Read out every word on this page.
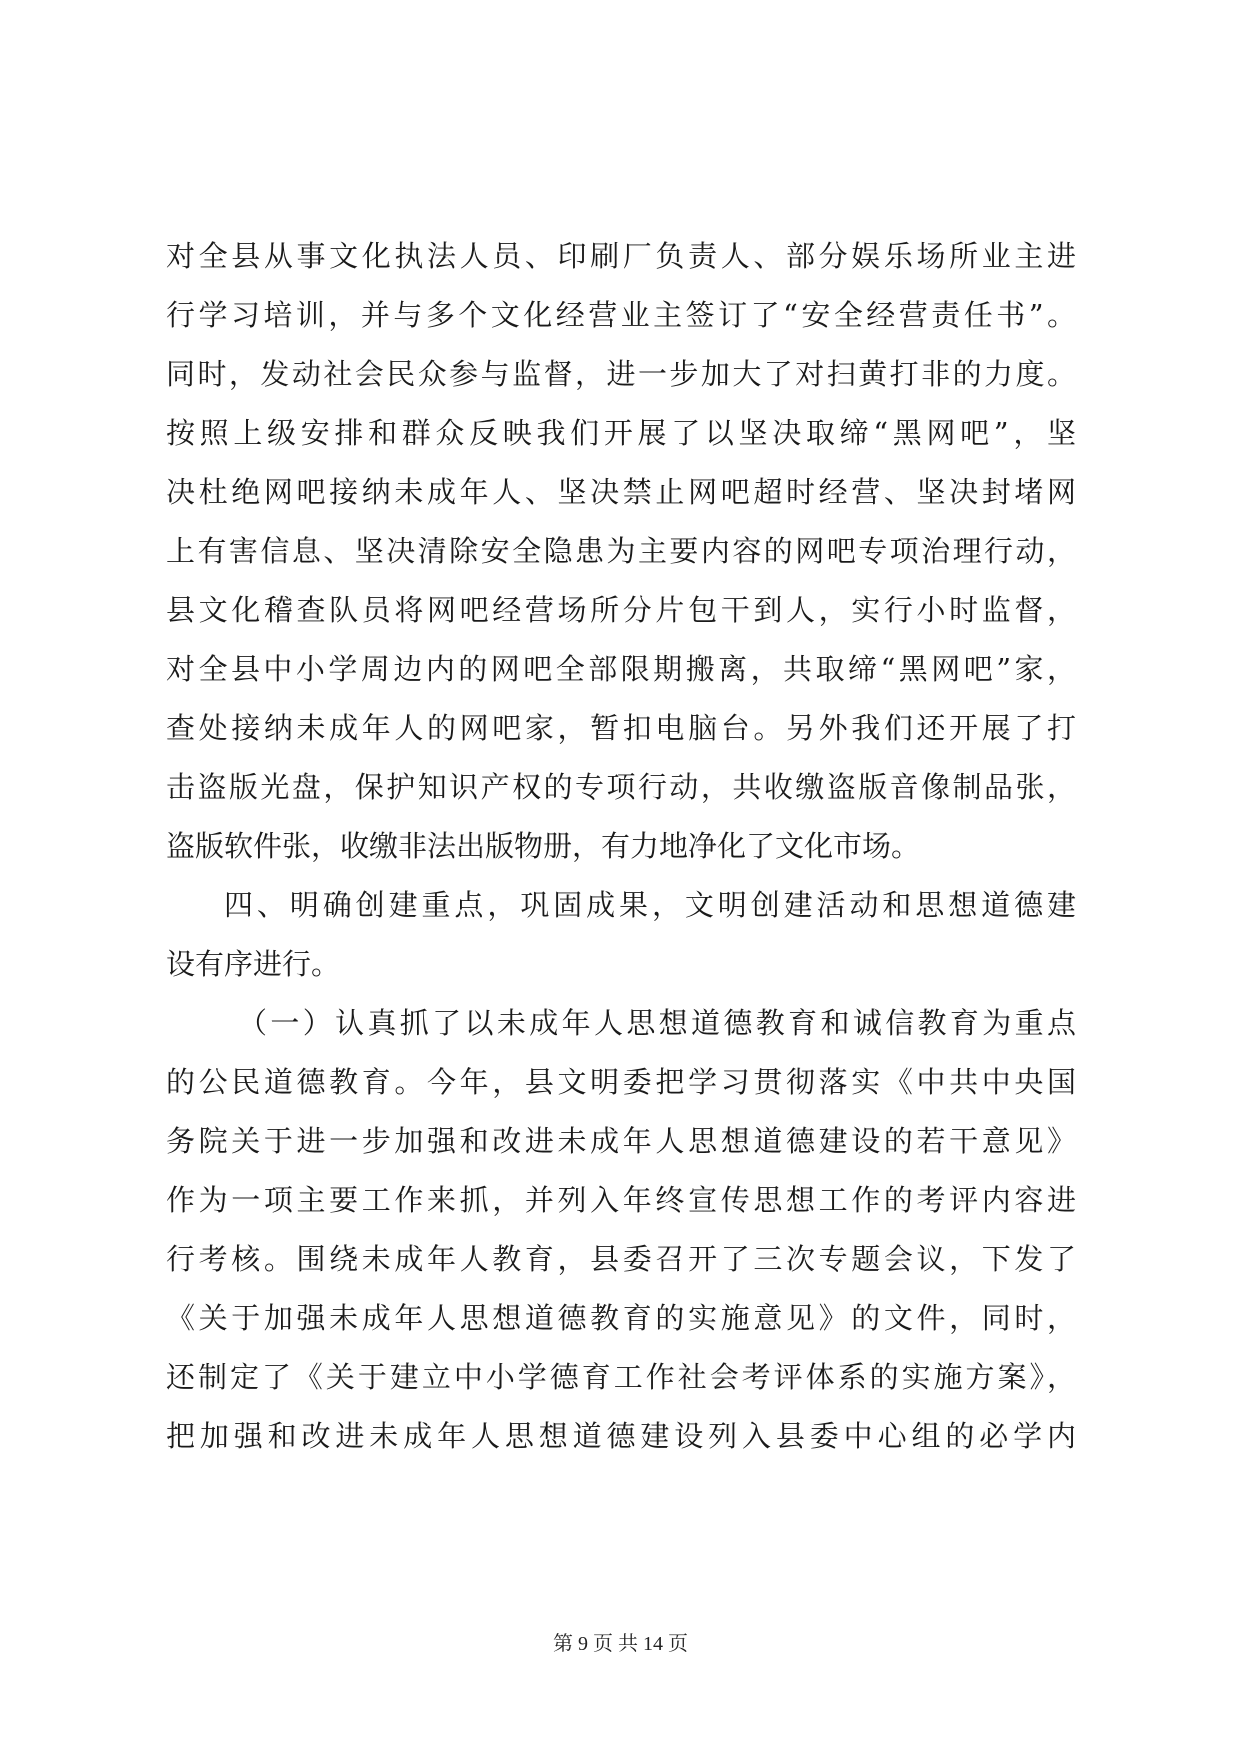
对全县从事文化执法人员、印刷厂负责人、部分娱乐场所业主进
行学习培训，并与多个文化经营业主签订了“安全经营责任书”。
同时，发动社会民众参与监督，进一步加大了对扫黄打非的力度。
按照上级安排和群众反映我们开展了以坚决取缔“黑网吧”，坚
决杜绝网吧接纳未成年人、坚决禁止网吧超时经营、坚决封堵网
上有害信息、坚决清除安全隐患为主要内容的网吧专项治理行动，
县文化稽查队员将网吧经营场所分片包干到人，实行小时监督，
对全县中小学周边内的网吧全部限期搬离，共取缔“黑网吧”家，
查处接纳未成年人的网吧家，暂扣电脑台。另外我们还开展了打
击盗版光盘，保护知识产权的专项行动，共收缴盗版音像制品张，
盗版软件张，收缴非法出版物册，有力地净化了文化市场。
四、明确创建重点，巩固成果，文明创建活动和思想道德建
设有序进行。
（一）认真抓了以未成年人思想道德教育和诚信教育为重点
的公民道德教育。今年，县文明委把学习贯彻落实《中共中央国
务院关于进一步加强和改进未成年人思想道德建设的若干意见》
作为一项主要工作来抓，并列入年终宣传思想工作的考评内容进
行考核。围绕未成年人教育，县委召开了三次专题会议，下发了
《关于加强未成年人思想道德教育的实施意见》的文件，同时，
还制定了《关于建立中小学德育工作社会考评体系的实施方案》，
把加强和改进未成年人思想道德建设列入县委中心组的必学内
第 9 页 共 14 页
